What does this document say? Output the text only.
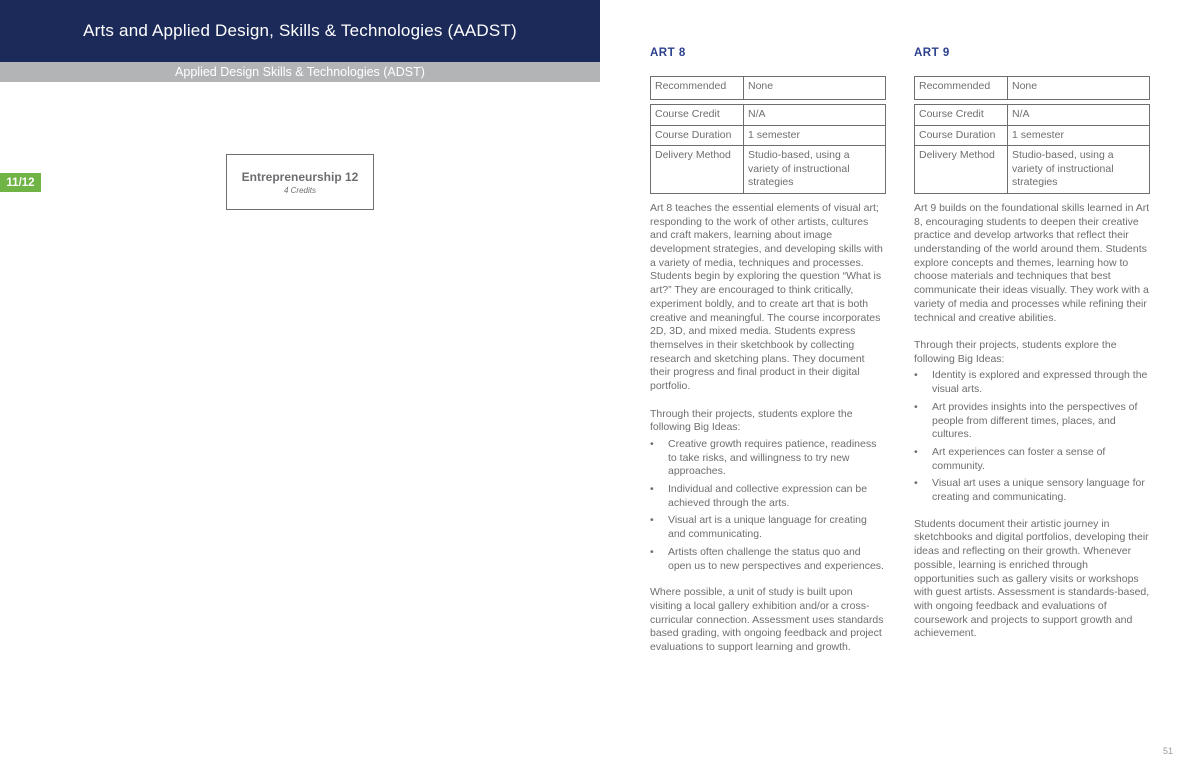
Arts and Applied Design, Skills & Technologies (AADST)
Applied Design Skills & Technologies (ADST)
11/12	Entrepreneurship 12
4 Credits
ART 8
Recommended	None

Course Credit	N/A
Course Duration	1 semester
Delivery Method	Studio-based, using a variety of instructional strategies

Art 8 teaches the essential elements of visual art; responding to the work of other artists, cultures and craft makers, learning about image development strategies, and developing skills with a variety of media, techniques and processes. Students begin by exploring the question “What is art?” They are encouraged to think critically, experiment boldly, and to create art that is both creative and meaningful. The course incorporates 2D, 3D, and mixed media. Students express themselves in their sketchbook by collecting research and sketching plans. They document their progress and final product in their digital portfolio.

Through their projects, students explore the following Big Ideas:

• Creative growth requires patience, readiness to take risks, and willingness to try new approaches.
• Individual and collective expression can be achieved through the arts.
• Visual art is a unique language for creating and communicating.
• Artists often challenge the status quo and open us to new perspectives and experiences.

Where possible, a unit of study is built upon visiting a local gallery exhibition and/or a cross-curricular connection. Assessment uses standards based grading, with ongoing feedback and project evaluations to support learning and growth.

ART 9
Recommended	None

Course Credit	N/A
Course Duration	1 semester
Delivery Method	Studio-based, using a variety of instructional strategies

Art 9 builds on the foundational skills learned in Art 8, encouraging students to deepen their creative practice and develop artworks that reflect their understanding of the world around them. Students explore concepts and themes, learning how to choose materials and techniques that best communicate their ideas visually. They work with a variety of media and processes while refining their technical and creative abilities.

Through their projects, students explore the following Big Ideas:

• Identity is explored and expressed through the visual arts.
• Art provides insights into the perspectives of people from different times, places, and cultures.
• Art experiences can foster a sense of community.
• Visual art uses a unique sensory language for creating and communicating.

Students document their artistic journey in sketchbooks and digital portfolios, developing their ideas and reflecting on their growth. Whenever possible, learning is enriched through opportunities such as gallery visits or workshops with guest artists. Assessment is standards-based, with ongoing feedback and evaluations of coursework and projects to support growth and achievement.

51
